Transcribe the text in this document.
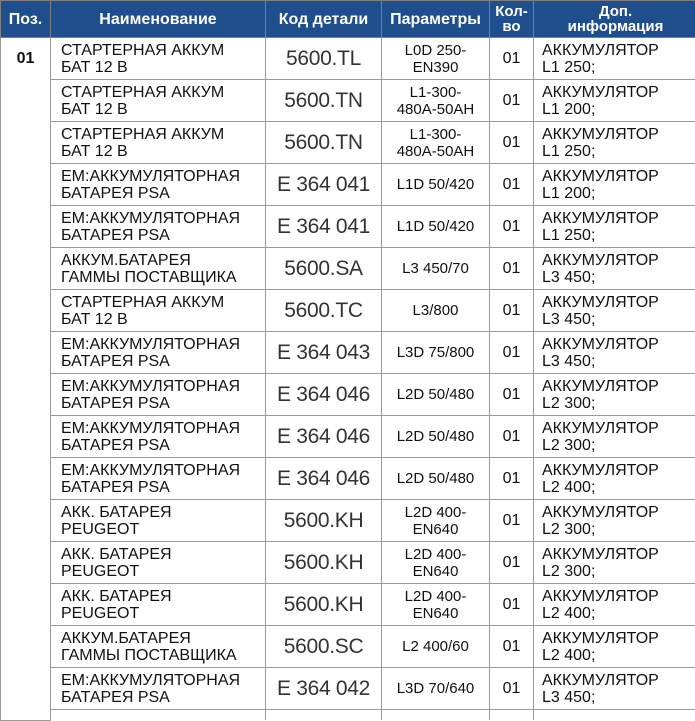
Поз.	Наименование	Код детали	Параметры	Кол-
во	Доп.
информация
01	СТАРТЕРНАЯ АККУМ
БАТ 12 В	5600.TL	L0D 250-
EN390	01	АККУМУЛЯТОР
L1 250;
	СТАРТЕРНАЯ АККУМ
БАТ 12 В	5600.TN	L1-300-
480A-50AH	01	АККУМУЛЯТОР
L1 200;
	СТАРТЕРНАЯ АККУМ
БАТ 12 В	5600.TN	L1-300-
480A-50AH	01	АККУМУЛЯТОР
L1 250;
	ЕМ:АККУМУЛЯТОРНАЯ
БАТАРЕЯ PSA	E 364 041	L1D 50/420	01	АККУМУЛЯТОР
L1 200;
	ЕМ:АККУМУЛЯТОРНАЯ
БАТАРЕЯ PSA	E 364 041	L1D 50/420	01	АККУМУЛЯТОР
L1 250;
	АККУМ.БАТАРЕЯ
ГАММЫ ПОСТАВЩИКА	5600.SA	L3 450/70	01	АККУМУЛЯТОР
L3 450;
	СТАРТЕРНАЯ АККУМ
БАТ 12 В	5600.TC	L3/800	01	АККУМУЛЯТОР
L3 450;
	ЕМ:АККУМУЛЯТОРНАЯ
БАТАРЕЯ PSA	E 364 043	L3D 75/800	01	АККУМУЛЯТОР
L3 450;
	ЕМ:АККУМУЛЯТОРНАЯ
БАТАРЕЯ PSA	E 364 046	L2D 50/480	01	АККУМУЛЯТОР
L2 300;
	ЕМ:АККУМУЛЯТОРНАЯ
БАТАРЕЯ PSA	E 364 046	L2D 50/480	01	АККУМУЛЯТОР
L2 300;
	ЕМ:АККУМУЛЯТОРНАЯ
БАТАРЕЯ PSA	E 364 046	L2D 50/480	01	АККУМУЛЯТОР
L2 400;
	АКК. БАТАРЕЯ
PEUGEOT	5600.KH	L2D 400-
EN640	01	АККУМУЛЯТОР
L2 300;
	АКК. БАТАРЕЯ
PEUGEOT	5600.KH	L2D 400-
EN640	01	АККУМУЛЯТОР
L2 300;
	АКК. БАТАРЕЯ
PEUGEOT	5600.KH	L2D 400-
EN640	01	АККУМУЛЯТОР
L2 400;
	АККУМ.БАТАРЕЯ
ГАММЫ ПОСТАВЩИКА	5600.SC	L2 400/60	01	АККУМУЛЯТОР
L2 400;
	ЕМ:АККУМУЛЯТОРНАЯ
БАТАРЕЯ PSA	E 364 042	L3D 70/640	01	АККУМУЛЯТОР
L3 450;
